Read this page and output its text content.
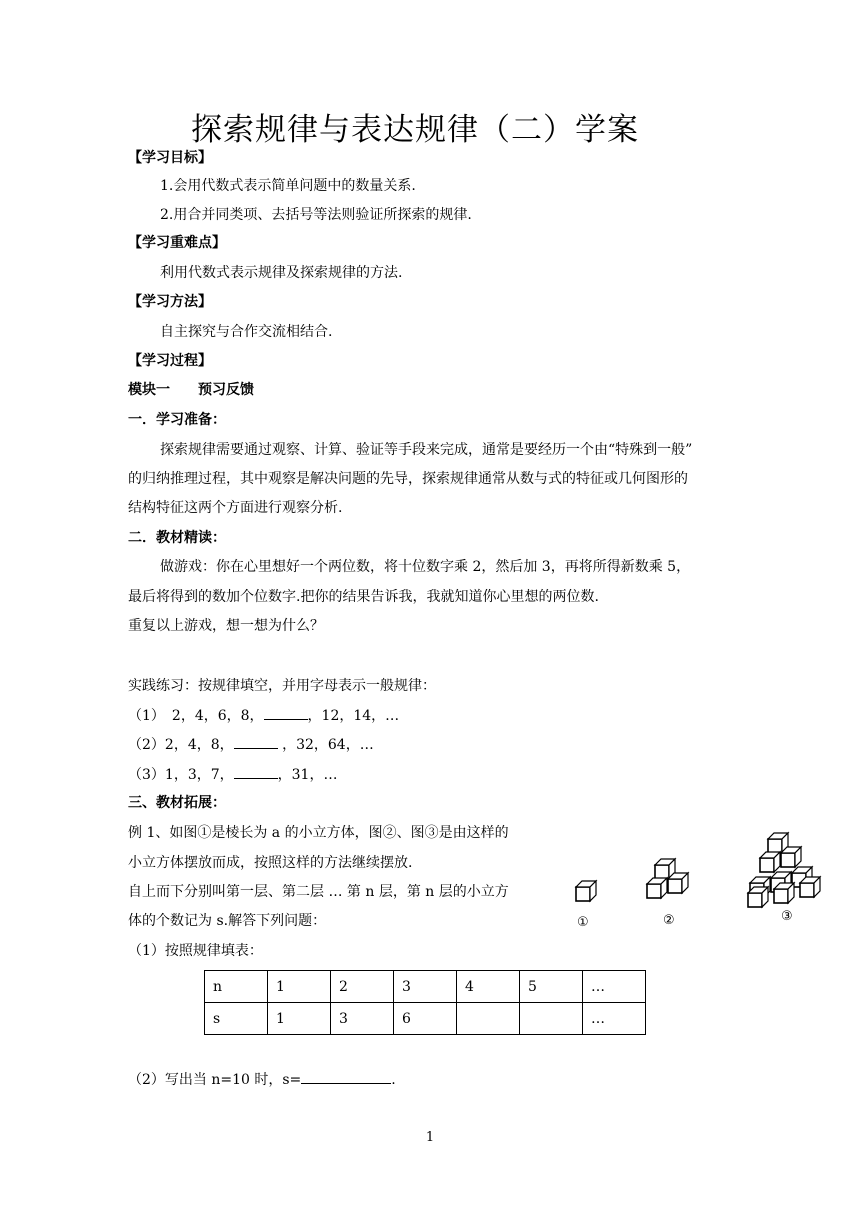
探索规律与表达规律（二）学案
【学习目标】
1.会用代数式表示简单问题中的数量关系.
2.用合并同类项、去括号等法则验证所探索的规律.
【学习重难点】
利用代数式表示规律及探索规律的方法.
【学习方法】
自主探究与合作交流相结合.
【学习过程】
模块一　　预习反馈
一．学习准备：
探索规律需要通过观察、计算、验证等手段来完成，通常是要经历一个由“特殊到一般”
的归纳推理过程，其中观察是解决问题的先导，探索规律通常从数与式的特征或几何图形的
结构特征这两个方面进行观察分析.
二．教材精读：
做游戏：你在心里想好一个两位数，将十位数字乘 2，然后加 3，再将所得新数乘 5，
最后将得到的数加个位数字.把你的结果告诉我，我就知道你心里想的两位数.
重复以上游戏，想一想为什么？
实践练习：按规律填空，并用字母表示一般规律：
（1）　2，4，6，8，	，12，14，…
（2）2，4，8，	，32，64，…
（3）1，3，7，	，31，…
三、教材拓展：
例 1、如图①是棱长为 a 的小立方体，图②、图③是由这样的
小立方体摆放而成，按照这样的方法继续摆放.
自上而下分别叫第一层、第二层 … 第 n 层，第 n 层的小立方
体的个数记为 s.解答下列问题：
（1）按照规律填表：
①	②	③
n	1	2	3	4	5	…
s	1	3	6			…
（2）写出当 n=10 时，s=	.
1
